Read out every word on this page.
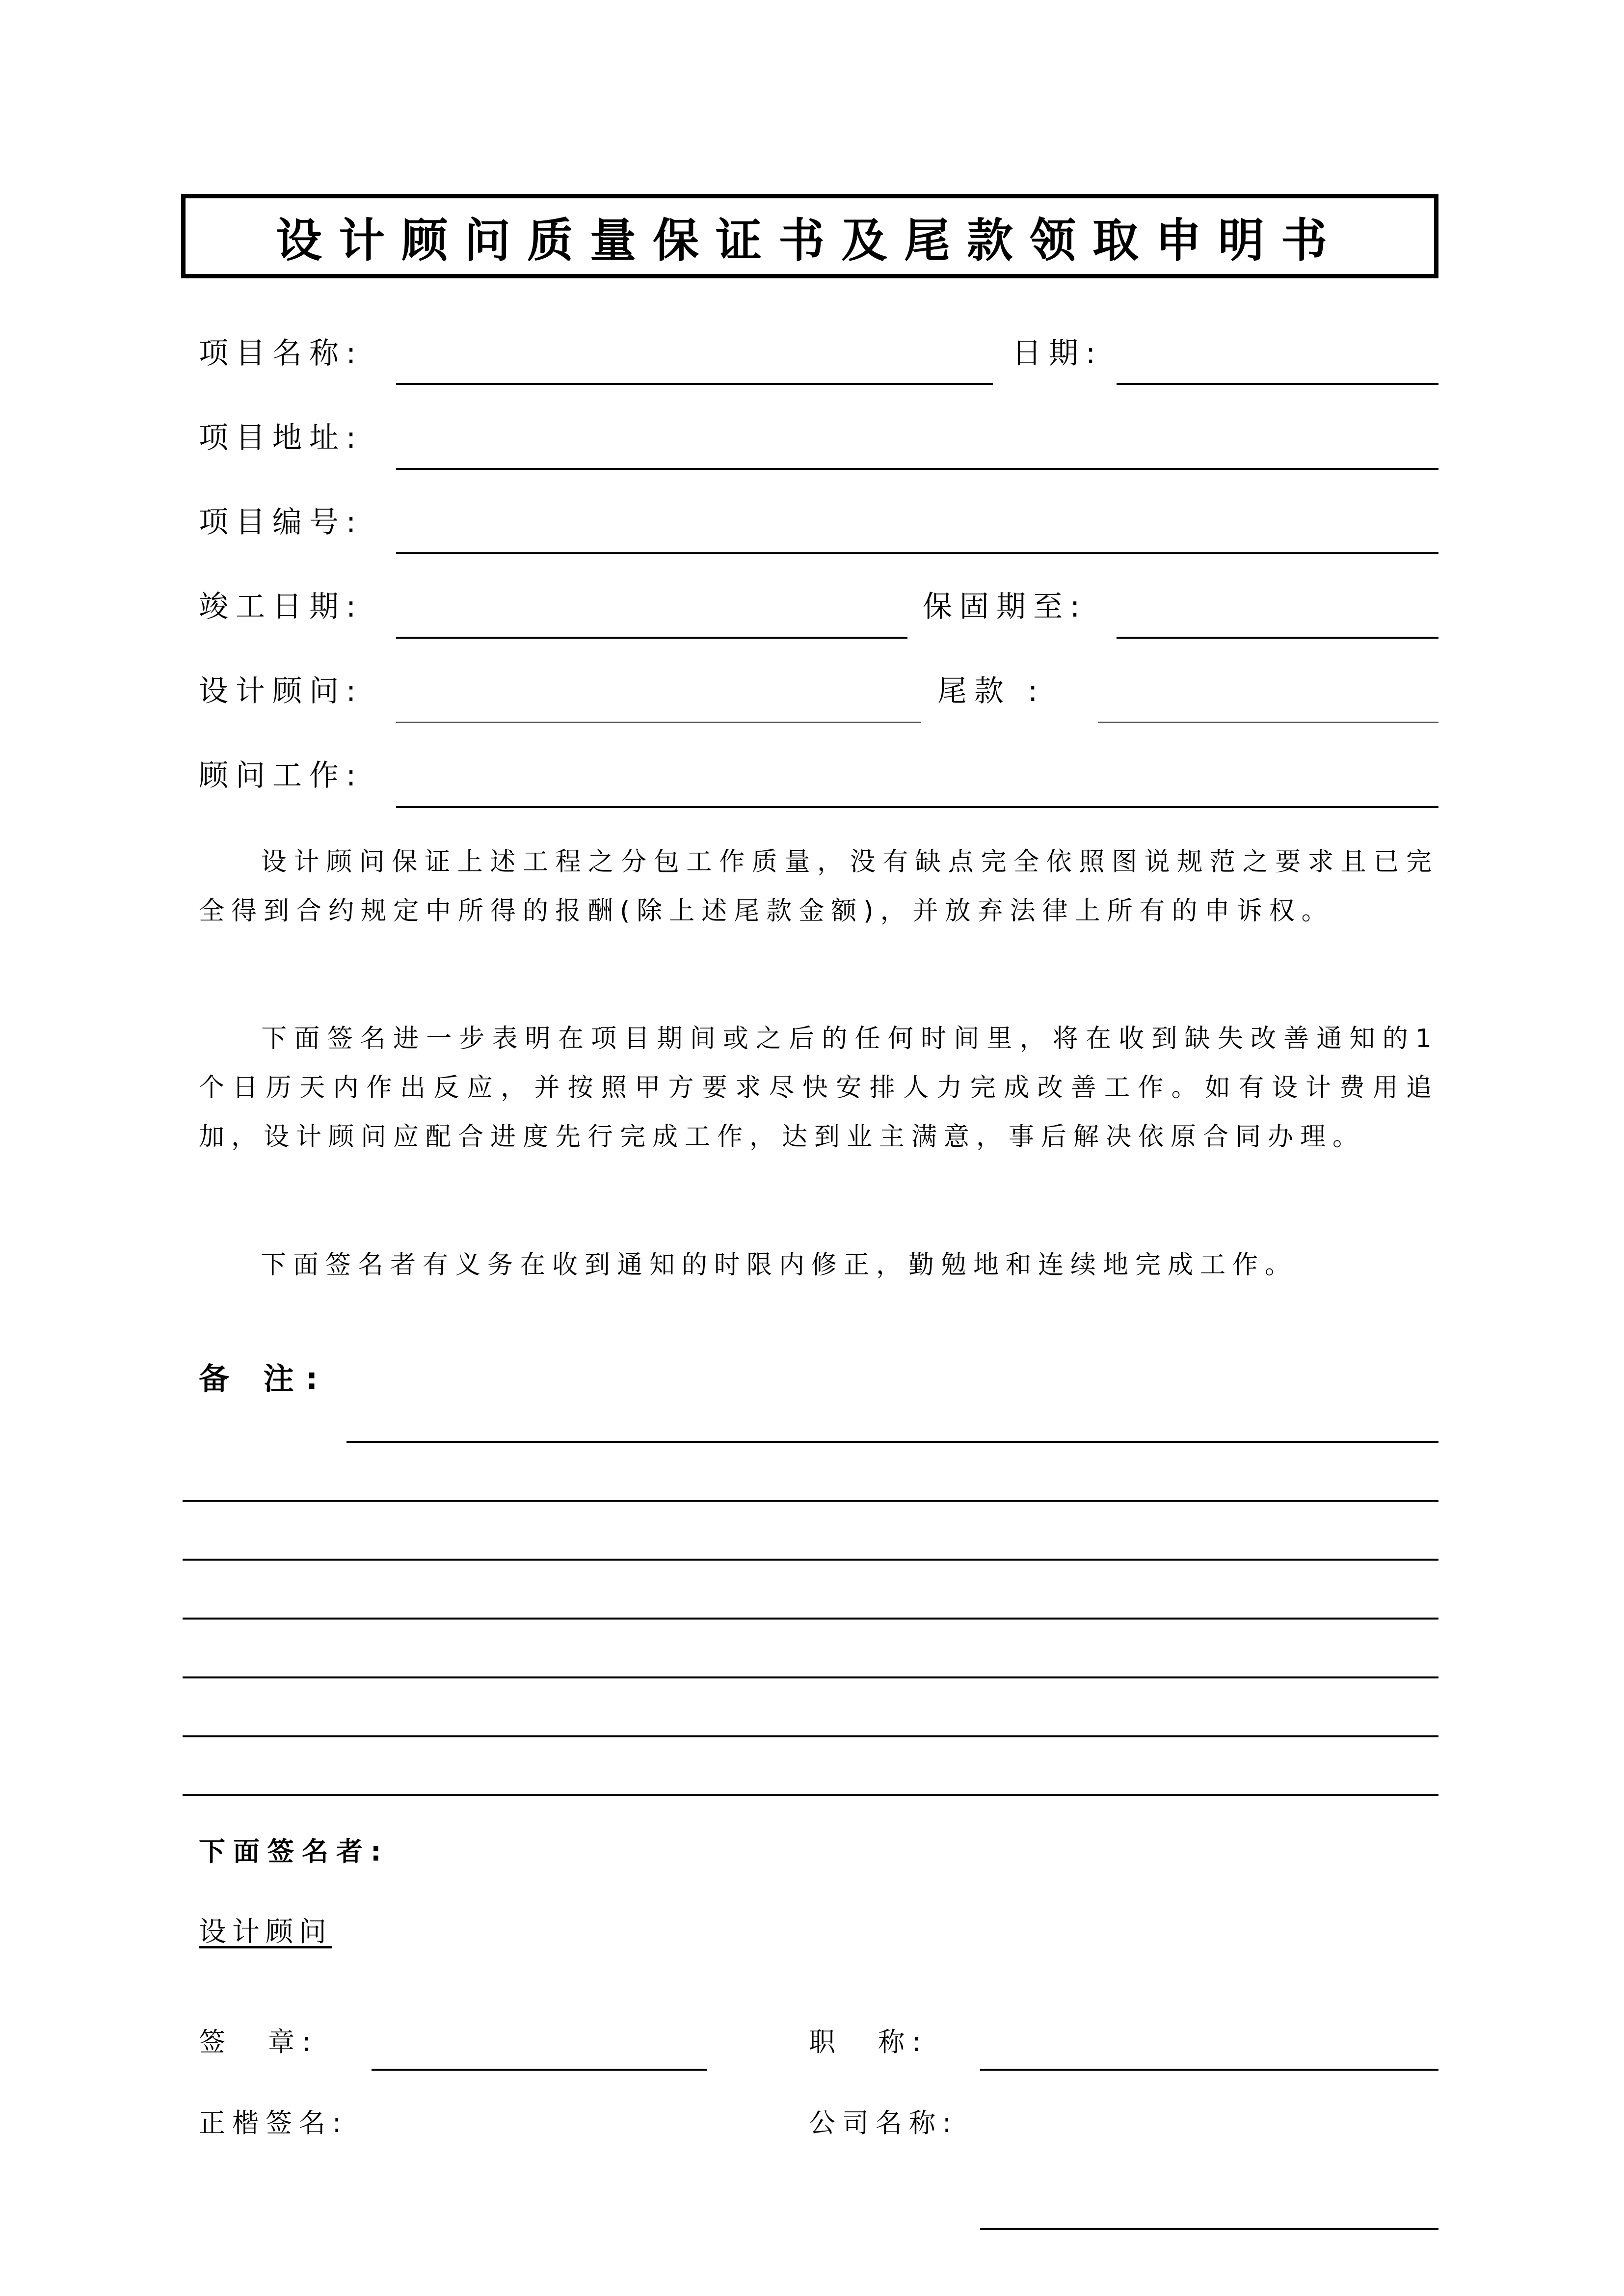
设计顾问质量保证书及尾款领取申明书
项目名称:	日期:
项目地址:
项目编号:
竣工日期:	保固期至:
设计顾问:	尾款 :
顾问工作:

设计顾问保证上述工程之分包工作质量，没有缺点完全依照图说规范之要求且已完全得到合约规定中所得的报酬(除上述尾款金额)，并放弃法律上所有的申诉权。

下面签名进一步表明在项目期间或之后的任何时间里，将在收到缺失改善通知的1个日历天内作出反应，并按照甲方要求尽快安排人力完成改善工作。如有设计费用追加，设计顾问应配合进度先行完成工作，达到业主满意，事后解决依原合同办理。

下面签名者有义务在收到通知的时限内修正，勤勉地和连续地完成工作。

备 注:
下面签名者:
设计顾问
签 章:	职 称:
正楷签名:	公司名称:
